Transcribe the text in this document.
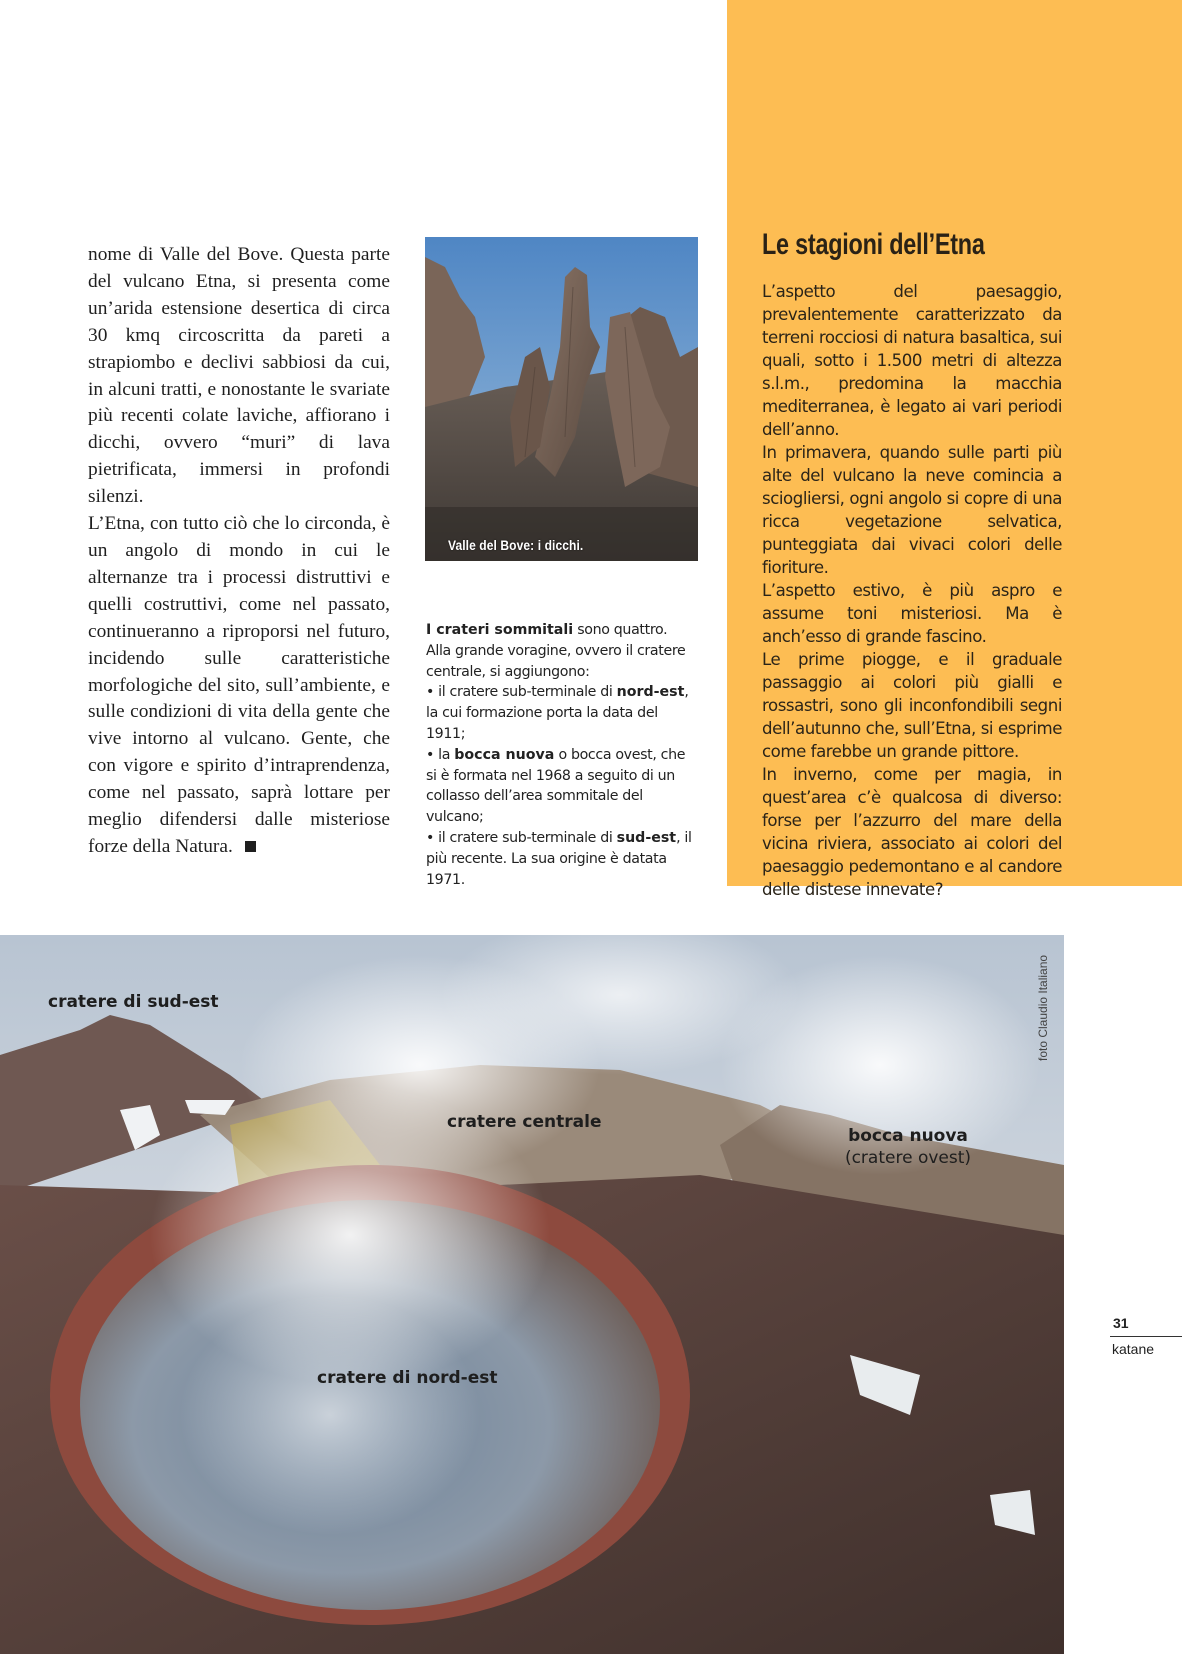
nome di Valle del Bove. Questa parte del vulcano Etna, si presenta come un’arida estensione desertica di circa 30 kmq circoscritta da pareti a strapiombo e declivi sabbiosi da cui, in alcuni tratti, e nonostante le svariate più recenti colate laviche, affiorano i dicchi, ovvero “muri” di lava pietrificata, immersi in profondi silenzi.

L’Etna, con tutto ciò che lo circonda, è un angolo di mondo in cui le alternanze tra i processi distruttivi e quelli costruttivi, come nel passato, continueranno a riproporsi nel futuro, incidendo sulle caratteristiche morfologiche del sito, sull’ambiente, e sulle condizioni di vita della gente che vive intorno al vulcano. Gente, che con vigore e spirito d’intraprendenza, come nel passato, saprà lottare per meglio difendersi dalle misteriose forze della Natura.

Valle del Bove: i dicchi.

I crateri sommitali sono quattro. Alla grande voragine, ovvero il cratere centrale, si aggiungono:

• il cratere sub-terminale di nord-est, la cui formazione porta la data del 1911;

• la bocca nuova o bocca ovest, che si è formata nel 1968 a seguito di un collasso dell’area sommitale del vulcano;

• il cratere sub-terminale di sud-est, il più recente. La sua origine è datata 1971.

Le stagioni dell’Etna

L’aspetto del paesaggio, prevalentemente caratterizzato da terreni rocciosi di natura basaltica, sui quali, sotto i 1.500 metri di altezza s.l.m., predomina la macchia mediterranea, è legato ai vari periodi dell’anno.

In primavera, quando sulle parti più alte del vulcano la neve comincia a sciogliersi, ogni angolo si copre di una ricca vegetazione selvatica, punteggiata dai vivaci colori delle fioriture.

L’aspetto estivo, è più aspro e assume toni misteriosi. Ma è anch’esso di grande fascino.

Le prime piogge, e il graduale passaggio ai colori più gialli e rossastri, sono gli inconfondibili segni dell’autunno che, sull’Etna, si esprime come farebbe un grande pittore.

In inverno, come per magia, in quest’area c’è qualcosa di diverso: forse per l’azzurro del mare della vicina riviera, associato ai colori del paesaggio pedemontano e al candore delle distese innevate?

cratere di sud-est
cratere centrale
bocca nuova
(cratere ovest)
cratere di nord-est
foto Claudio Italiano
31
katane
